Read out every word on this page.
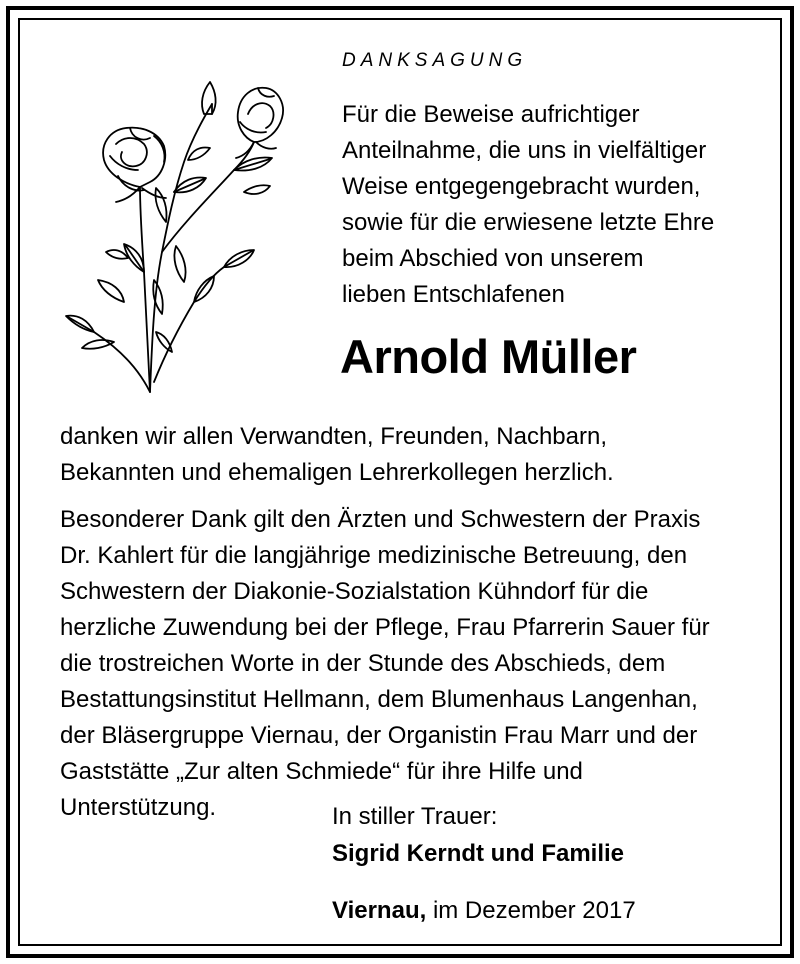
DANKSAGUNG
Für die Beweise aufrichtiger
Anteilnahme, die uns in vielfältiger
Weise entgegengebracht wurden,
sowie für die erwiesene letzte Ehre
beim Abschied von unserem
lieben Entschlafenen
Arnold Müller
danken wir allen Verwandten, Freunden, Nachbarn,
Bekannten und ehemaligen Lehrerkollegen herzlich.
Besonderer Dank gilt den Ärzten und Schwestern der Praxis
Dr. Kahlert für die langjährige medizinische Betreuung, den
Schwestern der Diakonie-Sozialstation Kühndorf für die
herzliche Zuwendung bei der Pflege, Frau Pfarrerin Sauer für
die trostreichen Worte in der Stunde des Abschieds, dem
Bestattungsinstitut Hellmann, dem Blumenhaus Langenhan,
der Bläsergruppe Viernau, der Organistin Frau Marr und der
Gaststätte „Zur alten Schmiede“ für ihre Hilfe und
Unterstützung.	In stiller Trauer:
Sigrid Kerndt und Familie
Viernau, im Dezember 2017
